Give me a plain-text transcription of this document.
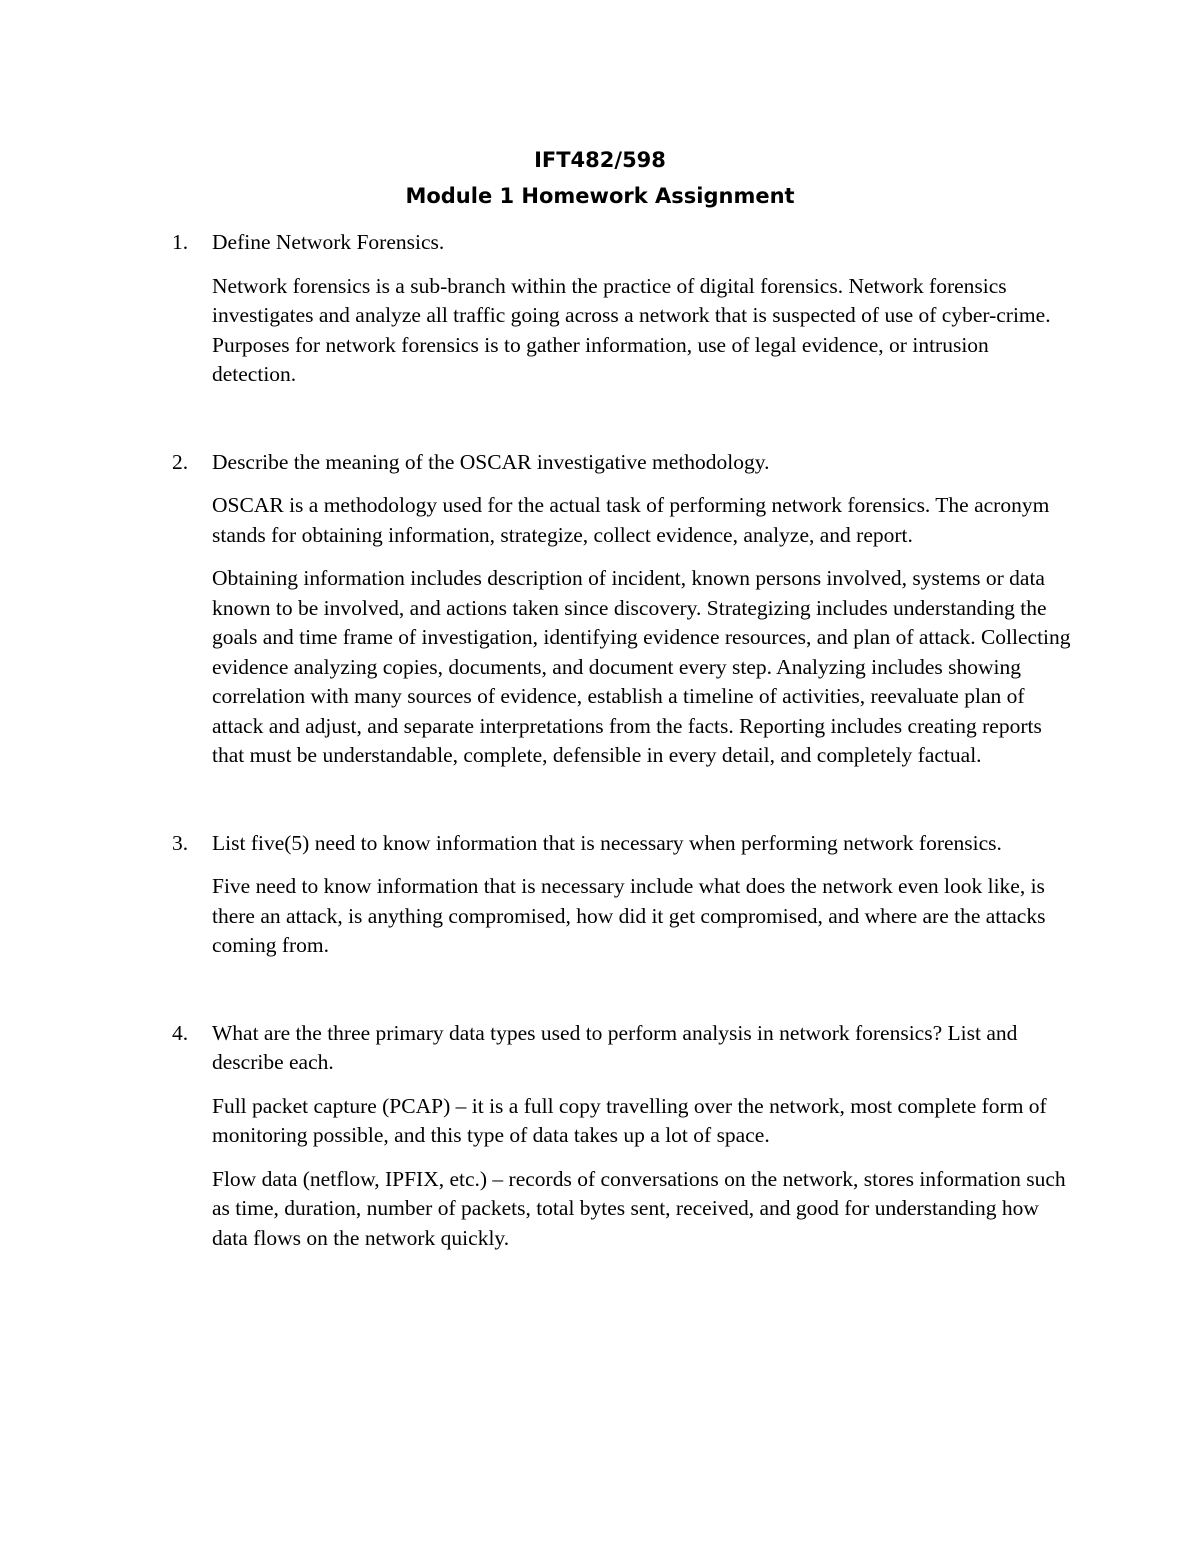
IFT482/598
Module 1 Homework Assignment
1. Define Network Forensics.

Network forensics is a sub-branch within the practice of digital forensics. Network forensics investigates and analyze all traffic going across a network that is suspected of use of cyber-crime. Purposes for network forensics is to gather information, use of legal evidence, or intrusion detection.

2. Describe the meaning of the OSCAR investigative methodology.

OSCAR is a methodology used for the actual task of performing network forensics. The acronym stands for obtaining information, strategize, collect evidence, analyze, and report.

Obtaining information includes description of incident, known persons involved, systems or data known to be involved, and actions taken since discovery. Strategizing includes understanding the goals and time frame of investigation, identifying evidence resources, and plan of attack. Collecting evidence analyzing copies, documents, and document every step. Analyzing includes showing correlation with many sources of evidence, establish a timeline of activities, reevaluate plan of attack and adjust, and separate interpretations from the facts. Reporting includes creating reports that must be understandable, complete, defensible in every detail, and completely factual.

3. List five(5) need to know information that is necessary when performing network forensics.

Five need to know information that is necessary include what does the network even look like, is there an attack, is anything compromised, how did it get compromised, and where are the attacks coming from.

4. What are the three primary data types used to perform analysis in network forensics? List and describe each.

Full packet capture (PCAP) – it is a full copy travelling over the network, most complete form of monitoring possible, and this type of data takes up a lot of space.

Flow data (netflow, IPFIX, etc.) – records of conversations on the network, stores information such as time, duration, number of packets, total bytes sent, received, and good for understanding how data flows on the network quickly.
